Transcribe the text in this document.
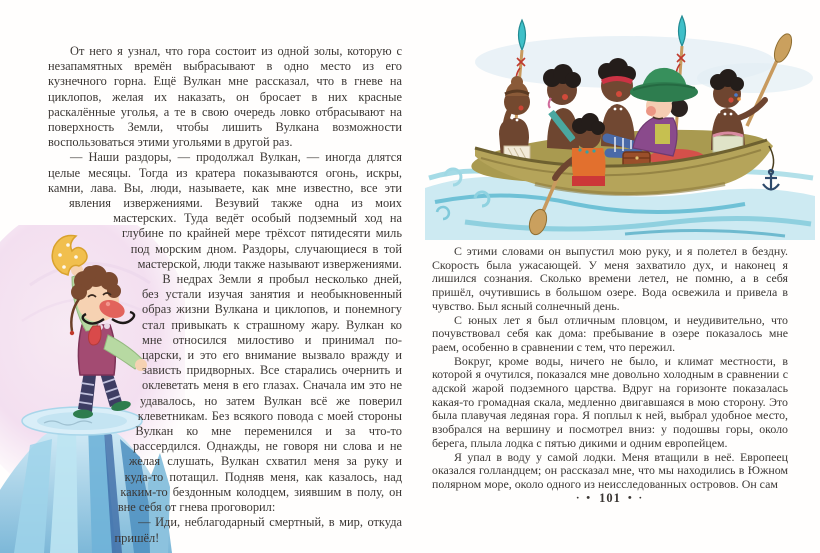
От него я узнал, что гора состоит из одной золы, которую с незапамятных времён выбрасывают в одно место из его кузнечного горна. Ещё Вулкан мне рассказал, что в гневе на циклопов, желая их наказать, он бросает в них красные раскалённые уголья, а те в свою очередь ловко отбрасывают на поверхность Земли, чтобы лишить Вулкана возможности воспользоваться этими угольями в другой раз.

— Наши раздоры, — продолжал Вулкан, — иногда длятся целые месяцы. Тогда из кратера показываются огонь, искры, камни, лава. Вы, люди, называете, как мне известно, все эти явления извержениями. Везувий также одна из моих мастерских. Туда ведёт особый подземный ход на глубине по крайней мере трёхсот пятидесяти миль под морским дном. Раздоры, случающиеся в той мастерской, люди также называют извержениями.

В недрах Земли я пробыл несколько дней, без устали изучая занятия и необыкновенный образ жизни Вулкана и циклопов, и понемногу стал привыкать к страшному жару. Вулкан ко мне относился милостиво и принимал по-царски, и это его внимание вызвало вражду и зависть придворных. Все старались очернить и оклеветать меня в его глазах. Сначала им это не удавалось, но затем Вулкан всё же поверил клеветникам. Без всякого повода с моей стороны Вулкан ко мне переменился и за что-то рассердился. Однажды, не говоря ни слова и не желая слушать, Вулкан схватил меня за руку и куда-то потащил. Подняв меня, как казалось, над каким-то бездонным колодцем, зиявшим в полу, он вне себя от гнева проговорил:

— Иди, неблагодарный смертный, в мир, откуда пришёл!

С этими словами он выпустил мою руку, и я полетел в бездну. Скорость была ужасающей. У меня захватило дух, и наконец я лишился сознания. Сколько времени летел, не помню, а в себя пришёл, очутившись в большом озере. Вода освежила и привела в чувство. Был ясный солнечный день.

С юных лет я был отличным пловцом, и неудивительно, что почувствовал себя как дома: пребывание в озере показалось мне раем, особенно в сравнении с тем, что пережил.

Вокруг, кроме воды, ничего не было, и климат местности, в которой я очутился, показался мне довольно холодным в сравнении с адской жарой подземного царства. Вдруг на горизонте показалась какая-то громадная скала, медленно двигавшаяся в мою сторону. Это была плавучая ледяная гора. Я поплыл к ней, выбрал удобное место, взобрался на вершину и посмотрел вниз: у подошвы горы, около берега, плыла лодка с пятью дикими и одним европейцем.

Я упал в воду у самой лодки. Меня втащили в неё. Европеец оказался голландцем; он рассказал мне, что мы находились в Южном полярном море, около одного из неисследованных островов. Он сам

· • 101 • ·
